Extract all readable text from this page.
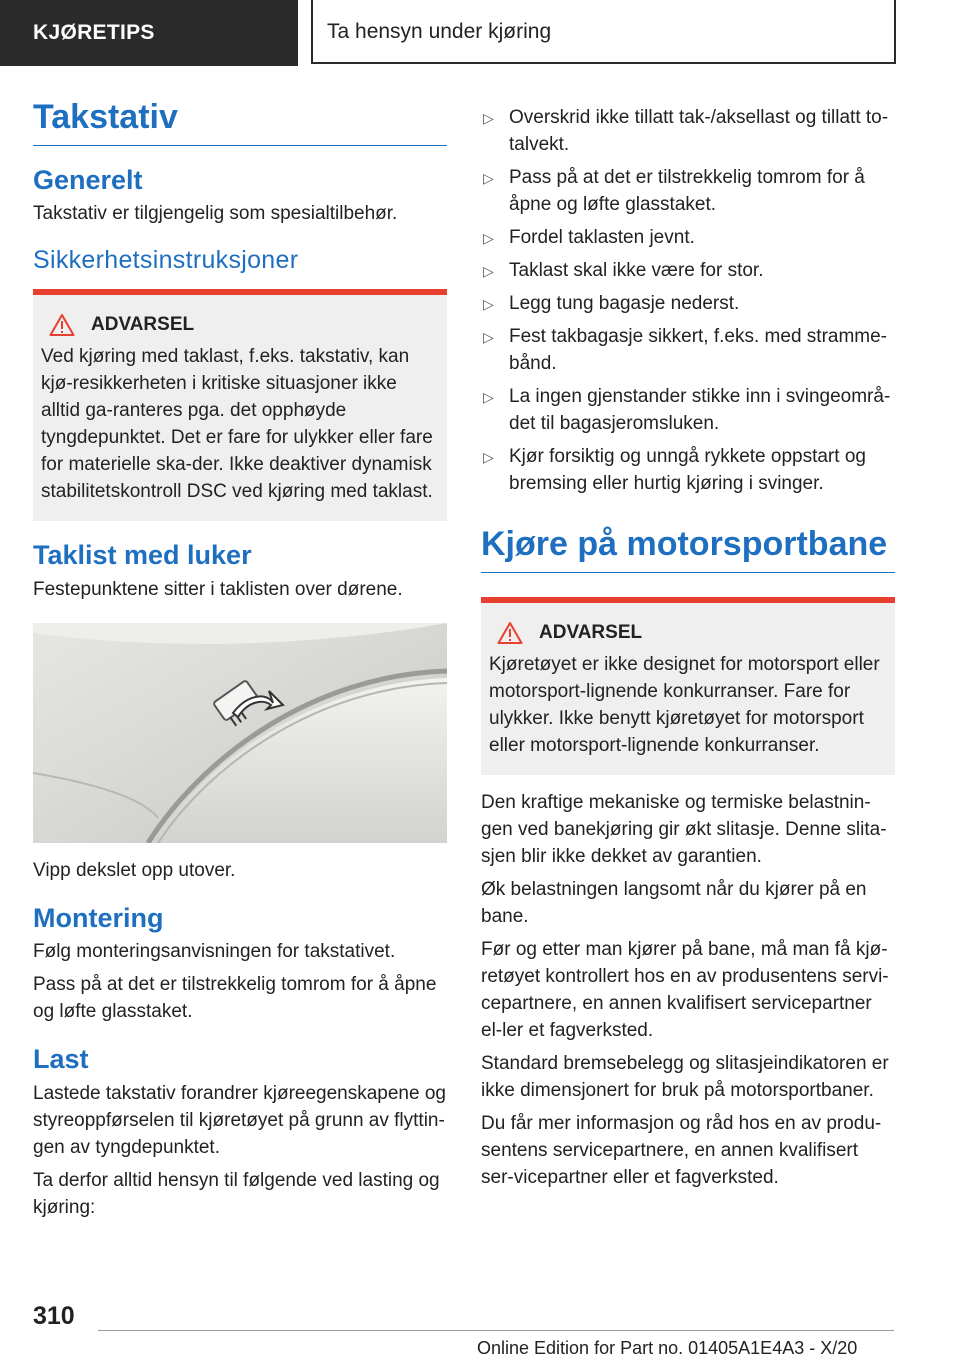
KJØRETIPS	Ta hensyn under kjøring
Takstativ
Generelt

Takstativ er tilgjengelig som spesialtilbehør.

Sikkerhetsinstruksjoner
ADVARSEL

Ved kjøring med taklast, f.eks. takstativ, kan kjø-resikkerheten i kritiske situasjoner ikke alltid ga-ranteres pga. det opphøyde tyngdepunktet. Det er fare for ulykker eller fare for materielle ska-der. Ikke deaktiver dynamisk stabilitetskontroll DSC ved kjøring med taklast.

Taklist med luker

Festepunktene sitter i taklisten over dørene.

Vipp dekslet opp utover.

Montering

Følg monteringsanvisningen for takstativet.

Pass på at det er tilstrekkelig tomrom for å åpne og løfte glasstaket.

Last

Lastede takstativ forandrer kjøreegenskapene og styreoppførselen til kjøretøyet på grunn av flyttin-gen av tyngdepunktet.

Ta derfor alltid hensyn til følgende ved lasting og kjøring:

▷ Overskrid ikke tillatt tak-/aksellast og tillatt to-talvekt.
▷ Pass på at det er tilstrekkelig tomrom for å åpne og løfte glasstaket.
▷ Fordel taklasten jevnt.
▷ Taklast skal ikke være for stor.
▷ Legg tung bagasje nederst.
▷ Fest takbagasje sikkert, f.eks. med stramme-bånd.
▷ La ingen gjenstander stikke inn i svingeområ-det til bagasjeromsluken.
▷ Kjør forsiktig og unngå rykkete oppstart og bremsing eller hurtig kjøring i svinger.
Kjøre på motorsportbane
ADVARSEL

Kjøretøyet er ikke designet for motorsport eller motorsport-lignende konkurranser. Fare for ulykker. Ikke benytt kjøretøyet for motorsport eller motorsport-lignende konkurranser.

Den kraftige mekaniske og termiske belastnin-gen ved banekjøring gir økt slitasje. Denne slita-sjen blir ikke dekket av garantien.

Øk belastningen langsomt når du kjører på en bane.

Før og etter man kjører på bane, må man få kjø-retøyet kontrollert hos en av produsentens servi-cepartnere, en annen kvalifisert servicepartner el-ler et fagverksted.

Standard bremsebelegg og slitasjeindikatoren er ikke dimensjonert for bruk på motorsportbaner.

Du får mer informasjon og råd hos en av produ-sentens servicepartnere, en annen kvalifisert ser-vicepartner eller et fagverksted.

310
Online Edition for Part no. 01405A1E4A3 - X/20
